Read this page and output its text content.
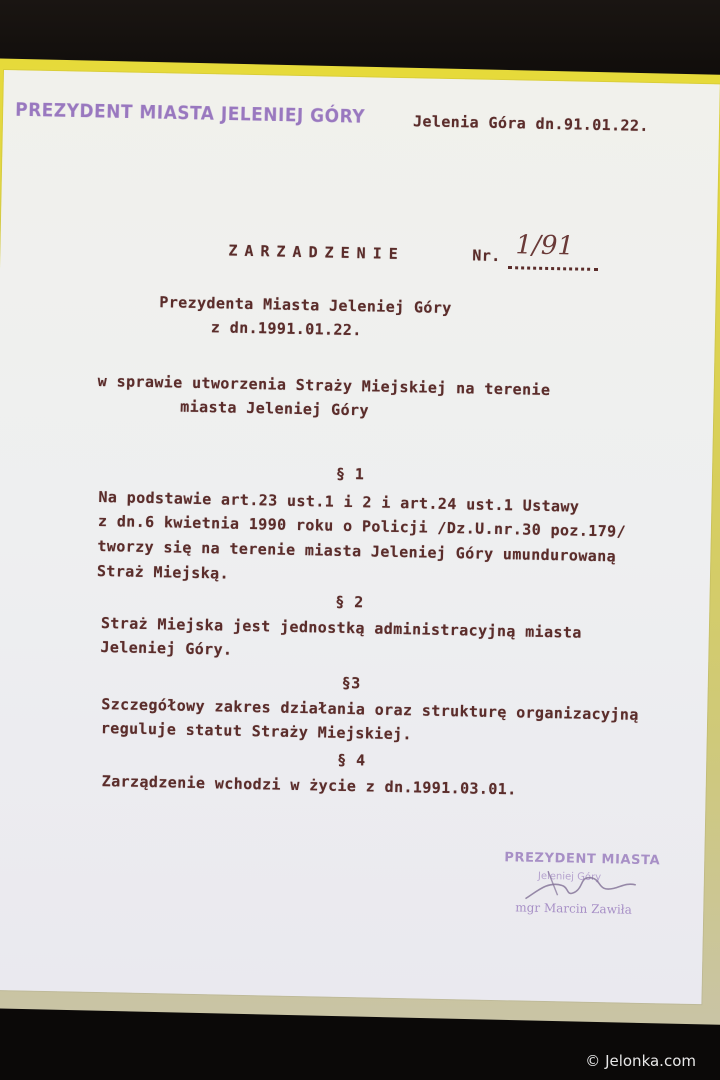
PREZYDENT MIASTA JELENIEJ GÓRY	Jelenia Góra dn.91.01.22.
ZARZADZENIE	Nr. 1/91
Prezydenta Miasta Jeleniej Góry
z dn.1991.01.22.
w sprawie utworzenia Straży Miejskiej na terenie
miasta Jeleniej Góry
§ 1
Na podstawie art.23 ust.1 i 2 i art.24 ust.1 Ustawy
z dn.6 kwietnia 1990 roku o Policji /Dz.U.nr.30 poz.179/
tworzy się na terenie miasta Jeleniej Góry umundurowaną
Straż Miejską.
§ 2
Straż Miejska jest jednostką administracyjną miasta
Jeleniej Góry.
§3
Szczegółowy zakres działania oraz strukturę organizacyjną
reguluje statut Straży Miejskiej.
§ 4
Zarządzenie wchodzi w życie z dn.1991.03.01.
PREZYDENT MIASTA
Jeleniej Góry
mgr Marcin Zawiła
© Jelonka.com
